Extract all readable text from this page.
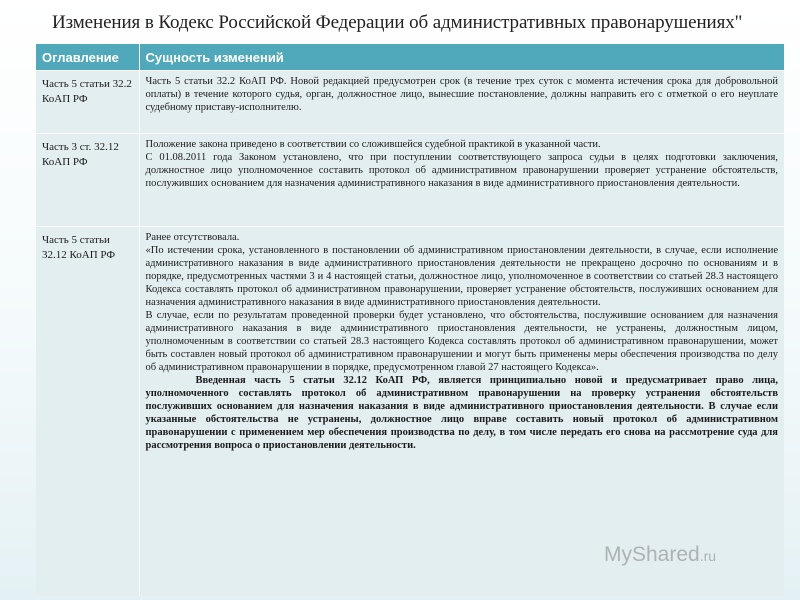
Изменения в Кодекс Российской Федерации об административных правонарушениях"
Оглавление	Сущность изменений
Часть 5 статьи 32.2 КоАП РФ	Часть 5 статьи 32.2 КоАП РФ. Новой редакцией предусмотрен срок (в течение трех суток с момента истечения срока для добровольной оплаты) в течение которого судья, орган, должностное лицо, вынесшие постановление, должны направить его с отметкой о его неуплате судебному приставу-исполнителю.

Часть 3 ст. 32.12 КоАП РФ	Положение закона приведено в соответствии со сложившейся судебной практикой в указанной части.

С 01.08.2011 года Законом установлено, что при поступлении соответствующего запроса судьи в целях подготовки заключения, должностное лицо уполномоченное составить протокол об административном правонарушении проверяет устранение обстоятельств, послуживших основанием для назначения административного наказания в виде административного приостановления деятельности.

Часть 5 статьи 32.12 КоАП РФ	Ранее отсутствовала.

«По истечении срока, установленного в постановлении об административном приостановлении деятельности, в случае, если исполнение административного наказания в виде административного приостановления деятельности не прекращено досрочно по основаниям и в порядке, предусмотренных частями 3 и 4 настоящей статьи, должностное лицо, уполномоченное в соответствии со статьей 28.3 настоящего Кодекса составлять протокол об административном правонарушении, проверяет устранение обстоятельств, послуживших основанием для назначения административного наказания в виде административного приостановления деятельности.

В случае, если по результатам проведенной проверки будет установлено, что обстоятельства, послужившие основанием для назначения административного наказания в виде административного приостановления деятельности, не устранены, должностным лицом, уполномоченным в соответствии со статьей 28.3 настоящего Кодекса составлять протокол об административном правонарушении, может быть составлен новый протокол об административном правонарушении и могут быть применены меры обеспечения производства по делу об административном правонарушении в порядке, предусмотренном главой 27 настоящего Кодекса».

Введенная часть 5 статьи 32.12 КоАП РФ, является принципиально новой и предусматривает право лица, уполномоченного составлять протокол об административном правонарушении на проверку устранения обстоятельств послуживших основанием для назначения наказания в виде административного приостановления деятельности. В случае если указанные обстоятельства не устранены, должностное лицо вправе составить новый протокол об административном правонарушении с применением мер обеспечения производства по делу, в том числе передать его снова на рассмотрение суда для рассмотрения вопроса о приостановлении деятельности.

MyShared.ru
